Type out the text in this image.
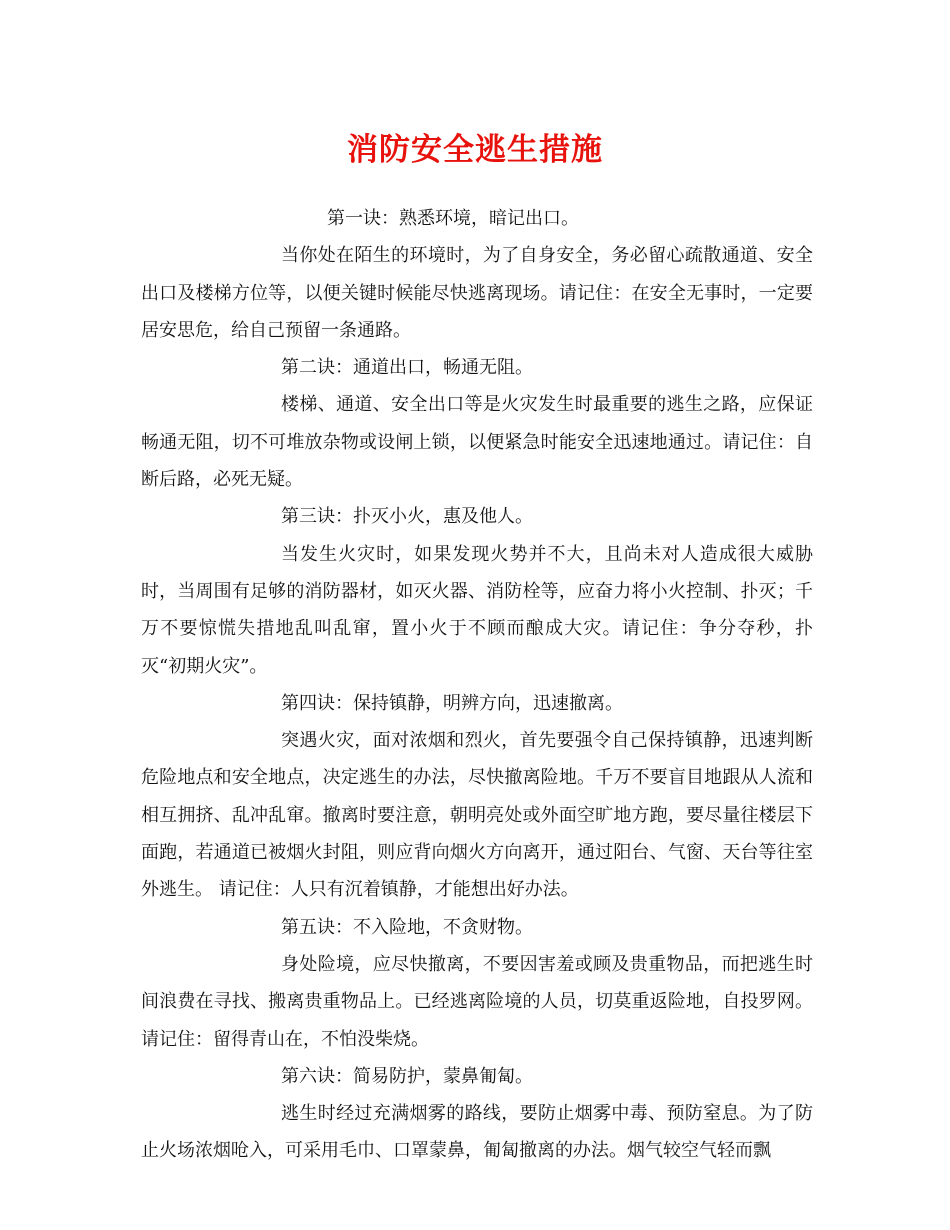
消防安全逃生措施

第一诀：熟悉环境，暗记出口。

当你处在陌生的环境时，为了自身安全，务必留心疏散通道、安全出口及楼梯方位等，以便关键时候能尽快逃离现场。请记住：在安全无事时，一定要居安思危，给自己预留一条通路。

第二诀：通道出口，畅通无阻。

楼梯、通道、安全出口等是火灾发生时最重要的逃生之路，应保证畅通无阻，切不可堆放杂物或设闸上锁，以便紧急时能安全迅速地通过。请记住：自断后路，必死无疑。

第三诀：扑灭小火，惠及他人。

当发生火灾时，如果发现火势并不大，且尚未对人造成很大威胁时，当周围有足够的消防器材，如灭火器、消防栓等，应奋力将小火控制、扑灭；千万不要惊慌失措地乱叫乱窜，置小火于不顾而酿成大灾。请记住：争分夺秒，扑灭“初期火灾”。

第四诀：保持镇静，明辨方向，迅速撤离。

突遇火灾，面对浓烟和烈火，首先要强令自己保持镇静，迅速判断危险地点和安全地点，决定逃生的办法，尽快撤离险地。千万不要盲目地跟从人流和相互拥挤、乱冲乱窜。撤离时要注意，朝明亮处或外面空旷地方跑，要尽量往楼层下面跑，若通道已被烟火封阻，则应背向烟火方向离开，通过阳台、气窗、天台等往室外逃生。 请记住：人只有沉着镇静，才能想出好办法。

第五诀：不入险地，不贪财物。

身处险境，应尽快撤离，不要因害羞或顾及贵重物品，而把逃生时间浪费在寻找、搬离贵重物品上。已经逃离险境的人员，切莫重返险地，自投罗网。 请记住：留得青山在，不怕没柴烧。

第六诀：简易防护，蒙鼻匍匐。

逃生时经过充满烟雾的路线，要防止烟雾中毒、预防窒息。为了防止火场浓烟呛入，可采用毛巾、口罩蒙鼻，匍匐撤离的办法。烟气较空气轻而飘
